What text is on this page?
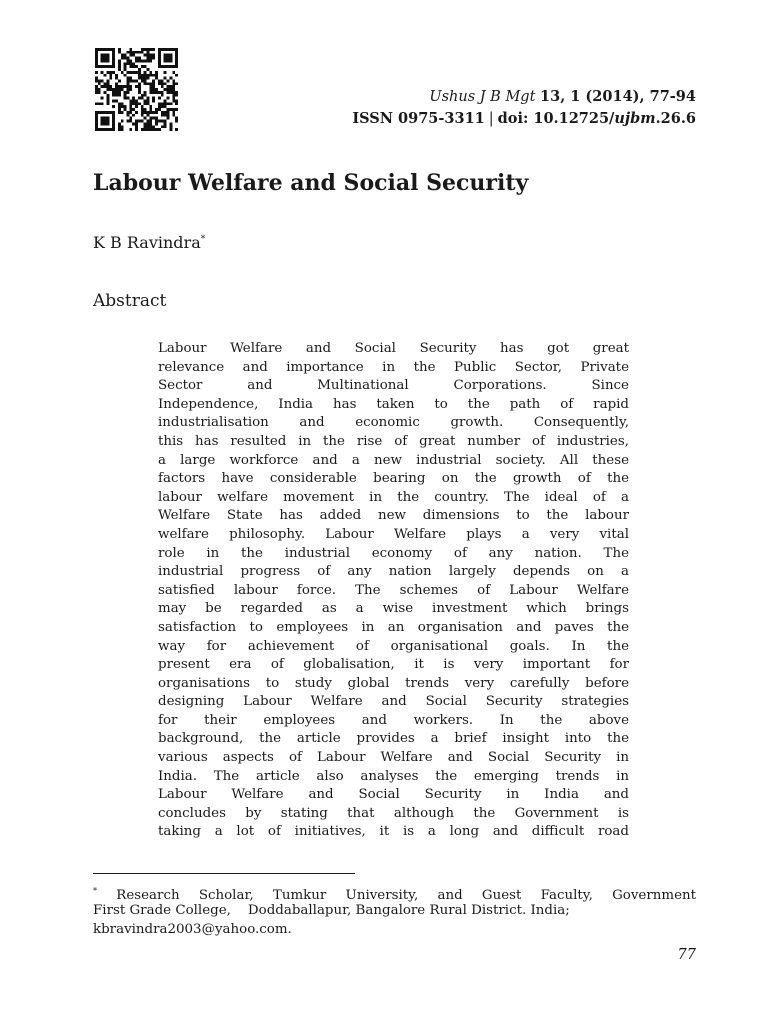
Ushus J B Mgt 13, 1 (2014), 77-94
ISSN 0975-3311 | doi: 10.12725/ujbm.26.6
Labour Welfare and Social Security
K B Ravindra*
Abstract
Labour Welfare and Social Security has got great
relevance and importance in the Public Sector, Private
Sector and Multinational Corporations. Since
Independence, India has taken to the path of rapid
industrialisation and economic growth. Consequently,
this has resulted in the rise of great number of industries,
a large workforce and a new industrial society. All these
factors have considerable bearing on the growth of the
labour welfare movement in the country. The ideal of a
Welfare State has added new dimensions to the labour
welfare philosophy. Labour Welfare plays a very vital
role in the industrial economy of any nation. The
industrial progress of any nation largely depends on a
satisfied labour force. The schemes of Labour Welfare
may be regarded as a wise investment which brings
satisfaction to employees in an organisation and paves the
way for achievement of organisational goals. In the
present era of globalisation, it is very important for
organisations to study global trends very carefully before
designing Labour Welfare and Social Security strategies
for their employees and workers. In the above
background, the article provides a brief insight into the
various aspects of Labour Welfare and Social Security in
India. The article also analyses the emerging trends in
Labour Welfare and Social Security in India and
concludes by stating that although the Government is
taking a lot of initiatives, it is a long and difficult road
* Research Scholar, Tumkur University, and Guest Faculty, Government
First Grade College,    Doddaballapur, Bangalore Rural District. India;
kbravindra2003@yahoo.com.
77
